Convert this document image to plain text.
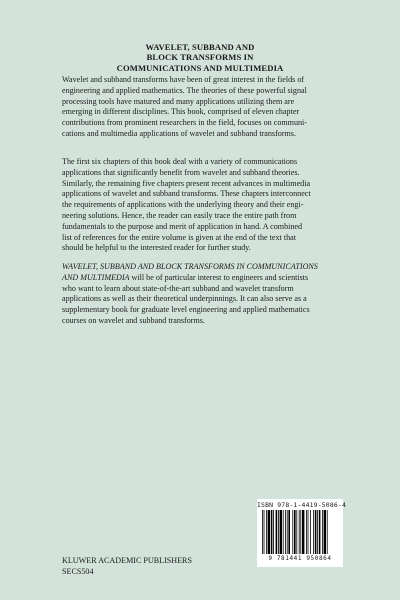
WAVELET, SUBBAND AND
BLOCK TRANSFORMS IN
COMMUNICATIONS AND MULTIMEDIA
Wavelet and subband transforms have been of great interest in the fields of
engineering and applied mathematics. The theories of these powerful signal
processing tools have matured and many applications utilizing them are
emerging in different disciplines. This book, comprised of eleven chapter
contributions from prominent researchers in the field, focuses on communi-
cations and multimedia applications of wavelet and subband transforms.
The first six chapters of this book deal with a variety of communications
applications that significantly benefit from wavelet and subband theories.
Similarly, the remaining five chapters present recent advances in multimedia
applications of wavelet and subband transforms. These chapters interconnect
the requirements of applications with the underlying theory and their engi-
neering solutions. Hence, the reader can easily trace the entire path from
fundamentals to the purpose and merit of application in hand. A combined
list of references for the entire volume is given at the end of the text that
should be helpful to the interested reader for further study.
WAVELET, SUBBAND AND BLOCK TRANSFORMS IN COMMUNICATIONS
AND MULTIMEDIA will be of particular interest to engineers and scientists
who want to learn about state-of-the-art subband and wavelet transform
applications as well as their theoretical underpinnings. It can also serve as a
supplementary book for graduate level engineering and applied mathematics
courses on wavelet and subband transforms.
ISBN 978-1-4419-5086-4
9 781441 950864
KLUWER ACADEMIC PUBLISHERS
SECS504
